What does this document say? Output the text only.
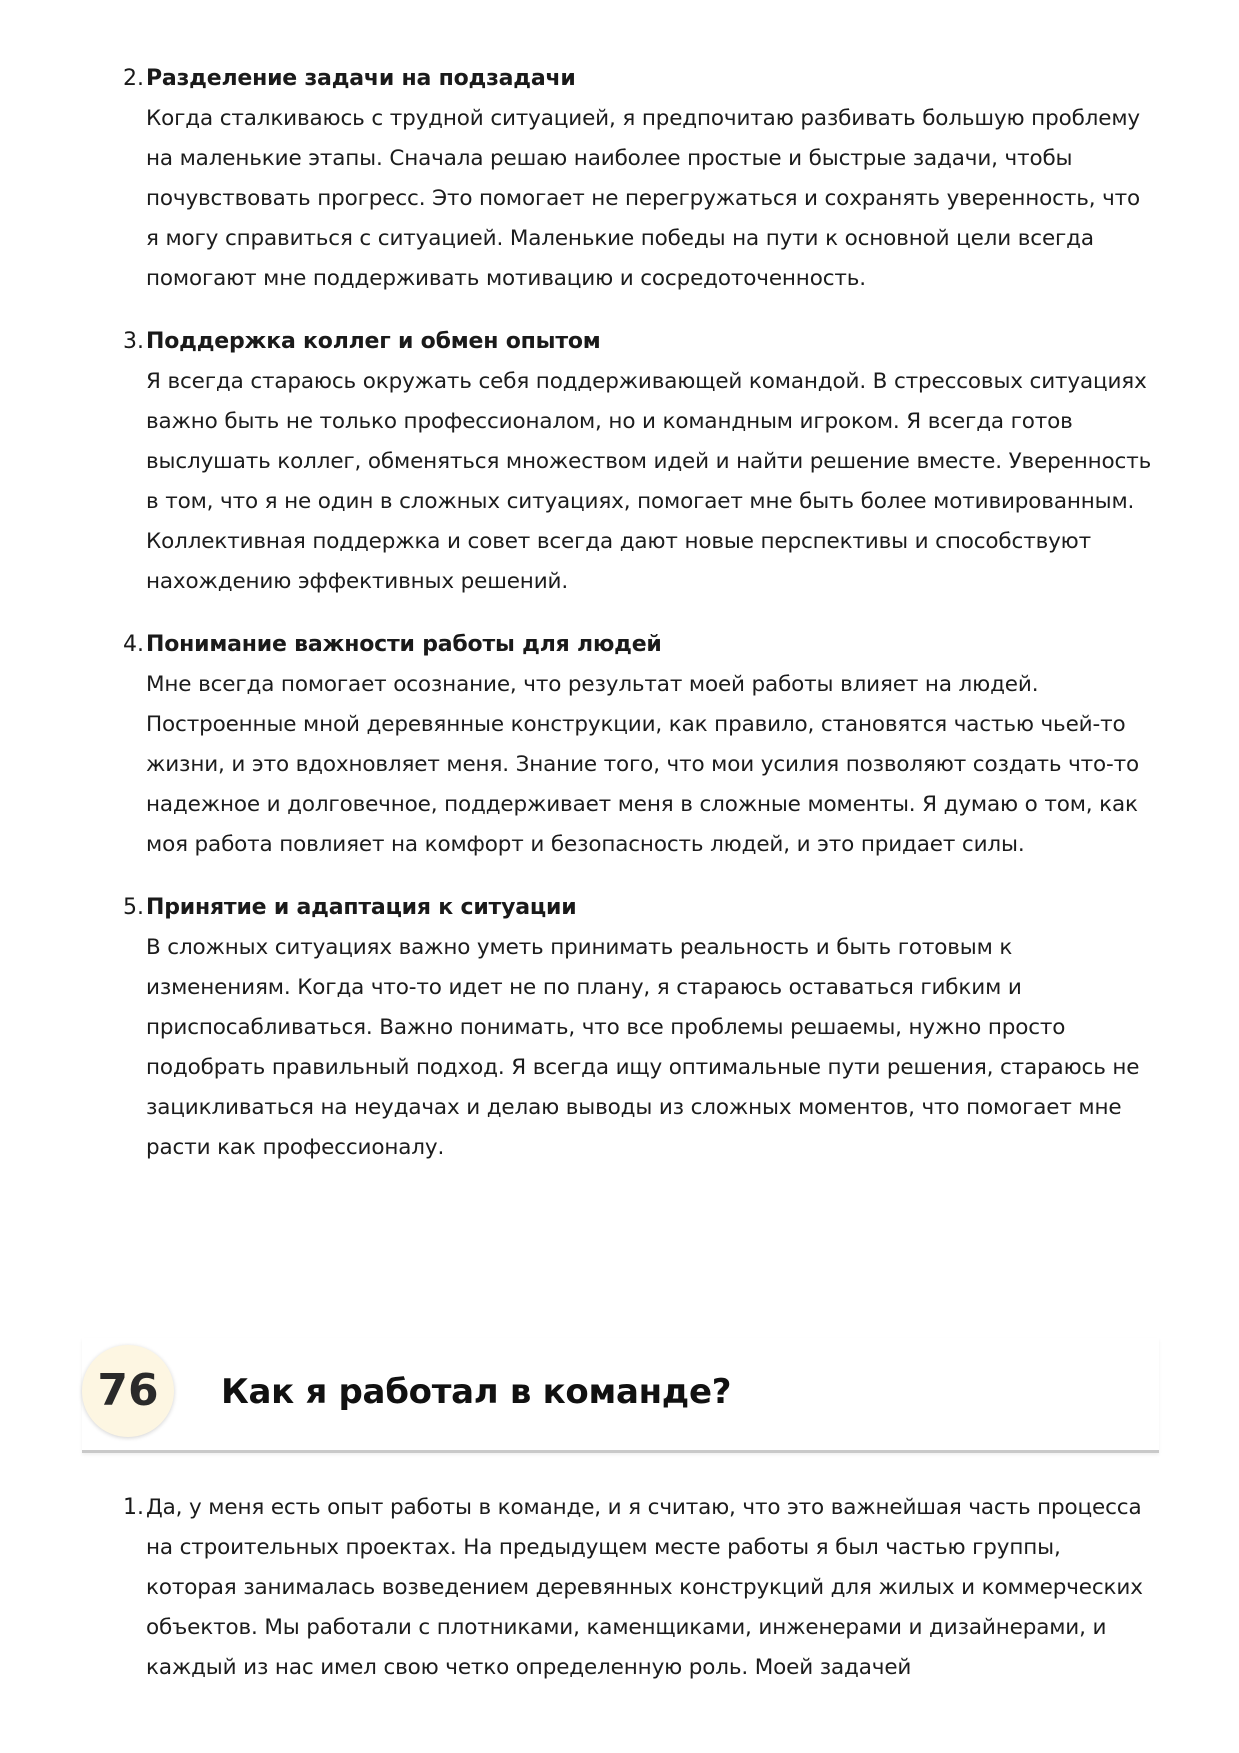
2. Разделение задачи на подзадачи
Когда сталкиваюсь с трудной ситуацией, я предпочитаю разбивать большую проблему на маленькие этапы. Сначала решаю наиболее простые и быстрые задачи, чтобы почувствовать прогресс. Это помогает не перегружаться и сохранять уверенность, что я могу справиться с ситуацией. Маленькие победы на пути к основной цели всегда помогают мне поддерживать мотивацию и сосредоточенность.
3. Поддержка коллег и обмен опытом
Я всегда стараюсь окружать себя поддерживающей командой. В стрессовых ситуациях важно быть не только профессионалом, но и командным игроком. Я всегда готов выслушать коллег, обменяться множеством идей и найти решение вместе. Уверенность в том, что я не один в сложных ситуациях, помогает мне быть более мотивированным. Коллективная поддержка и совет всегда дают новые перспективы и способствуют нахождению эффективных решений.
4. Понимание важности работы для людей
Мне всегда помогает осознание, что результат моей работы влияет на людей. Построенные мной деревянные конструкции, как правило, становятся частью чьей-то жизни, и это вдохновляет меня. Знание того, что мои усилия позволяют создать что-то надежное и долговечное, поддерживает меня в сложные моменты. Я думаю о том, как моя работа повлияет на комфорт и безопасность людей, и это придает силы.
5. Принятие и адаптация к ситуации
В сложных ситуациях важно уметь принимать реальность и быть готовым к изменениям. Когда что-то идет не по плану, я стараюсь оставаться гибким и приспосабливаться. Важно понимать, что все проблемы решаемы, нужно просто подобрать правильный подход. Я всегда ищу оптимальные пути решения, стараюсь не зацикливаться на неудачах и делаю выводы из сложных моментов, что помогает мне расти как профессионалу.
76	Как я работал в команде?
1. Да, у меня есть опыт работы в команде, и я считаю, что это важнейшая часть процесса на строительных проектах. На предыдущем месте работы я был частью группы, которая занималась возведением деревянных конструкций для жилых и коммерческих объектов. Мы работали с плотниками, каменщиками, инженерами и дизайнерами, и каждый из нас имел свою четко определенную роль. Моей задачей
